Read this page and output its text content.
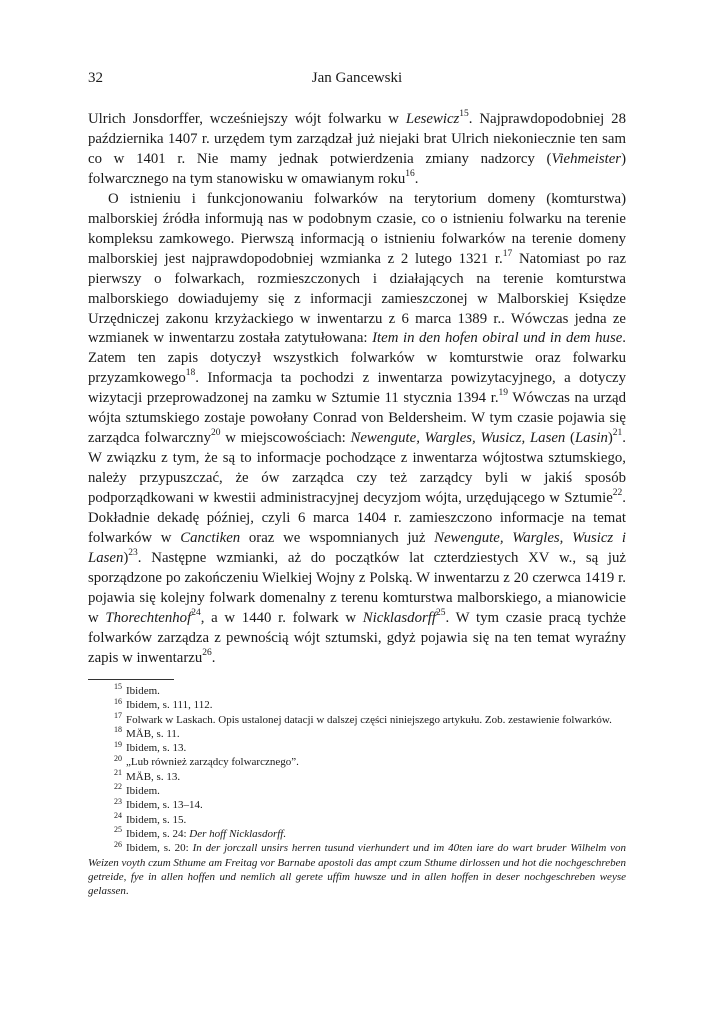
32	Jan Gancewski

Ulrich Jonsdorffer, wcześniejszy wójt folwarku w Lesewicz$^{15}$. Najprawdopodobniej 28 października 1407 r. urzędem tym zarządzał już niejaki brat Ulrich niekoniecznie ten sam co w 1401 r. Nie mamy jednak potwierdzenia zmiany nadzorcy (Viehmeister) folwarcznego na tym stanowisku w omawianym roku$^{16}$.

O istnieniu i funkcjonowaniu folwarków na terytorium domeny (komturstwa) malborskiej źródła informują nas w podobnym czasie, co o istnieniu folwarku na terenie kompleksu zamkowego. Pierwszą informacją o istnieniu folwarków na terenie domeny malborskiej jest najprawdopodobniej wzmianka z 2 lutego 1321 r.$^{17}$ Natomiast po raz pierwszy o folwarkach, rozmieszczonych i działających na terenie komturstwa malborskiego dowiadujemy się z informacji zamieszczonej w Malborskiej Księdze Urzędniczej zakonu krzyżackiego w inwentarzu z 6 marca 1389 r.. Wówczas jedna ze wzmianek w inwentarzu została zatytułowana: Item in den hofen obiral und in dem huse. Zatem ten zapis dotyczył wszystkich folwarków w komturstwie oraz folwarku przyzamkowego$^{18}$. Informacja ta pochodzi z inwentarza powizytacyjnego, a dotyczy wizytacji przeprowadzonej na zamku w Sztumie 11 stycznia 1394 r.$^{19}$ Wówczas na urząd wójta sztumskiego zostaje powołany Conrad von Beldersheim. W tym czasie pojawia się zarządca folwarczny$^{20}$ w miejscowościach: Newengute, Wargles, Wusicz, Lasen $(Lasin)^{21}$. W związku z tym, że są to informacje pochodzące z inwentarza wójtostwa sztumskiego, należy przypuszczać, że ów zarządca czy też zarządcy byli w jakiś sposób podporządkowani w kwestii administracyjnej decyzjom wójta, urzędującego w Sztumie$^{22}$. Dokładnie dekadę później, czyli 6 marca 1404 r. zamieszczono informacje na temat folwarków w Canctiken oraz we wspomnianych już Newengute, Wargles, Wusicz i Lasen)$^{23}$. Następne wzmianki, aż do początków lat czterdziestych XV w., są już sporządzone po zakończeniu Wielkiej Wojny z Polską. W inwentarzu z 20 czerwca 1419 r. pojawia się kolejny folwark domenalny z terenu komturstwa malborskiego, a mianowicie w Thorechtenhof$^{24}$, a w 1440 r. folwark w Nicklasdorff$^{25}$. W tym czasie pracą tychże folwarków zarządza z pewnością wójt sztumski, gdyż pojawia się na ten temat wyraźny zapis w inwentarzu$^{26}$.

$^{15}$ Ibidem.

$^{16}$ Ibidem, s. 111, 112.

$^{17}$ Folwark w Laskach. Opis ustalonej datacji w dalszej części niniejszego artykułu. Zob. zestawienie folwarków.

$^{18}$ MÄB, s. 11.

$^{19}$ Ibidem, s. 13.

$^{20}$ „Lub również zarządcy folwarcznego”.

$^{21}$ MÄB, s. 13.

$^{22}$ Ibidem.

$^{23}$ Ibidem, s. 13–14.

$^{24}$ Ibidem, s. 15.

$^{25}$ Ibidem, s. 24: Der hoff Nicklasdorff.

$^{26}$ Ibidem, s. 20: In der jorczall unsirs herren tusund vierhundert und im 40ten iare do wart bruder Wilhelm von Weizen voyth czum Sthume am Freitag vor Barnabe apostoli das ampt czum Sthume dirlossen und hot die nochgeschreben getreide, fye in allen hoffen und nemlich all gerete uffim huwsze und in allen hoffen in deser nochgeschreben weyse gelassen.
